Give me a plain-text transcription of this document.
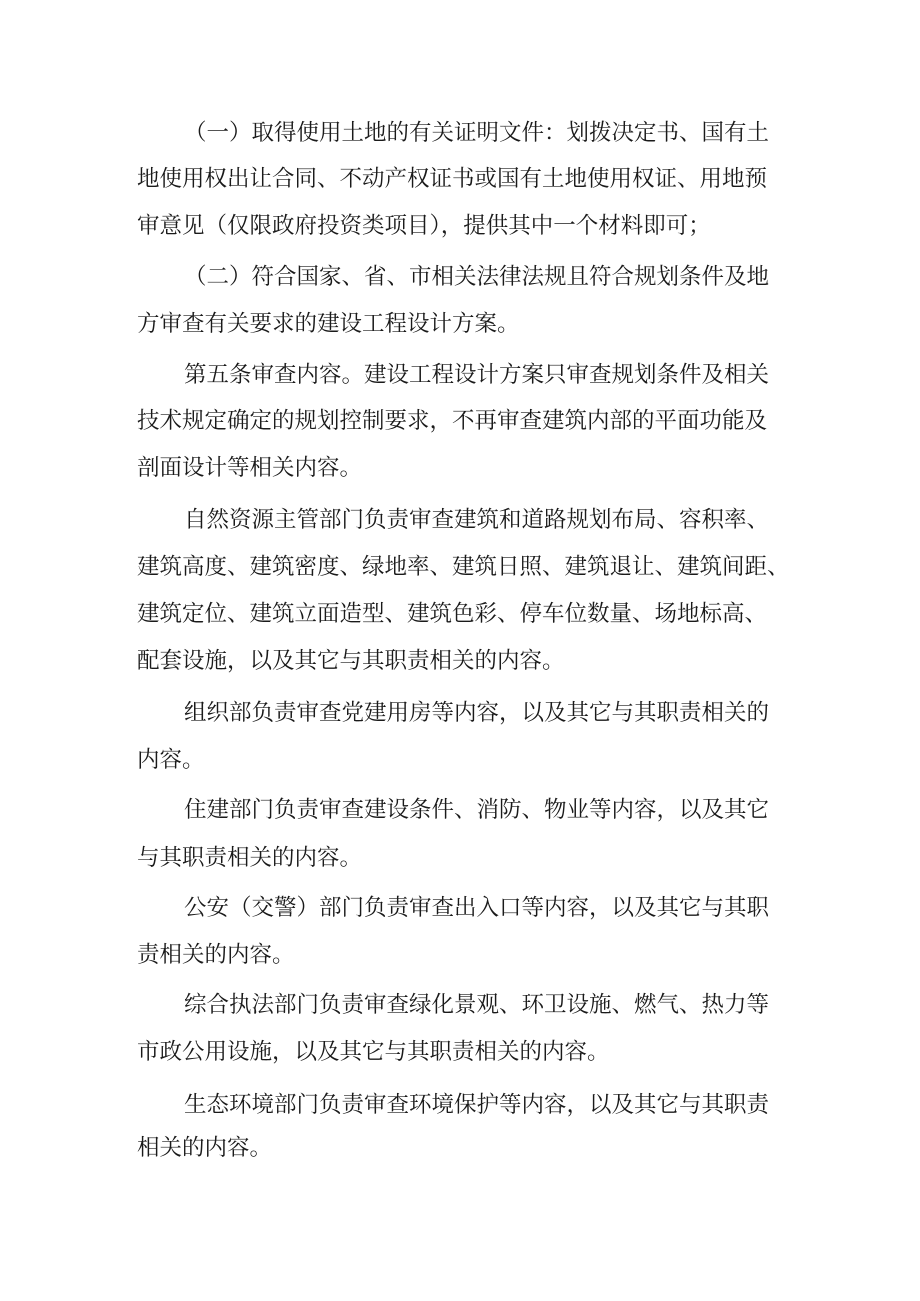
（一）取得使用土地的有关证明文件：划拨决定书、国有土

地使用权出让合同、不动产权证书或国有土地使用权证、用地预

审意见（仅限政府投资类项目），提供其中一个材料即可；

（二）符合国家、省、市相关法律法规且符合规划条件及地

方审查有关要求的建设工程设计方案。

第五条审查内容。建设工程设计方案只审查规划条件及相关

技术规定确定的规划控制要求，不再审查建筑内部的平面功能及

剖面设计等相关内容。

自然资源主管部门负责审查建筑和道路规划布局、容积率、

建筑高度、建筑密度、绿地率、建筑日照、建筑退让、建筑间距、

建筑定位、建筑立面造型、建筑色彩、停车位数量、场地标高、

配套设施，以及其它与其职责相关的内容。

组织部负责审查党建用房等内容，以及其它与其职责相关的

内容。

住建部门负责审查建设条件、消防、物业等内容，以及其它

与其职责相关的内容。

公安（交警）部门负责审查出入口等内容，以及其它与其职

责相关的内容。

综合执法部门负责审查绿化景观、环卫设施、燃气、热力等

市政公用设施，以及其它与其职责相关的内容。

生态环境部门负责审查环境保护等内容，以及其它与其职责

相关的内容。
